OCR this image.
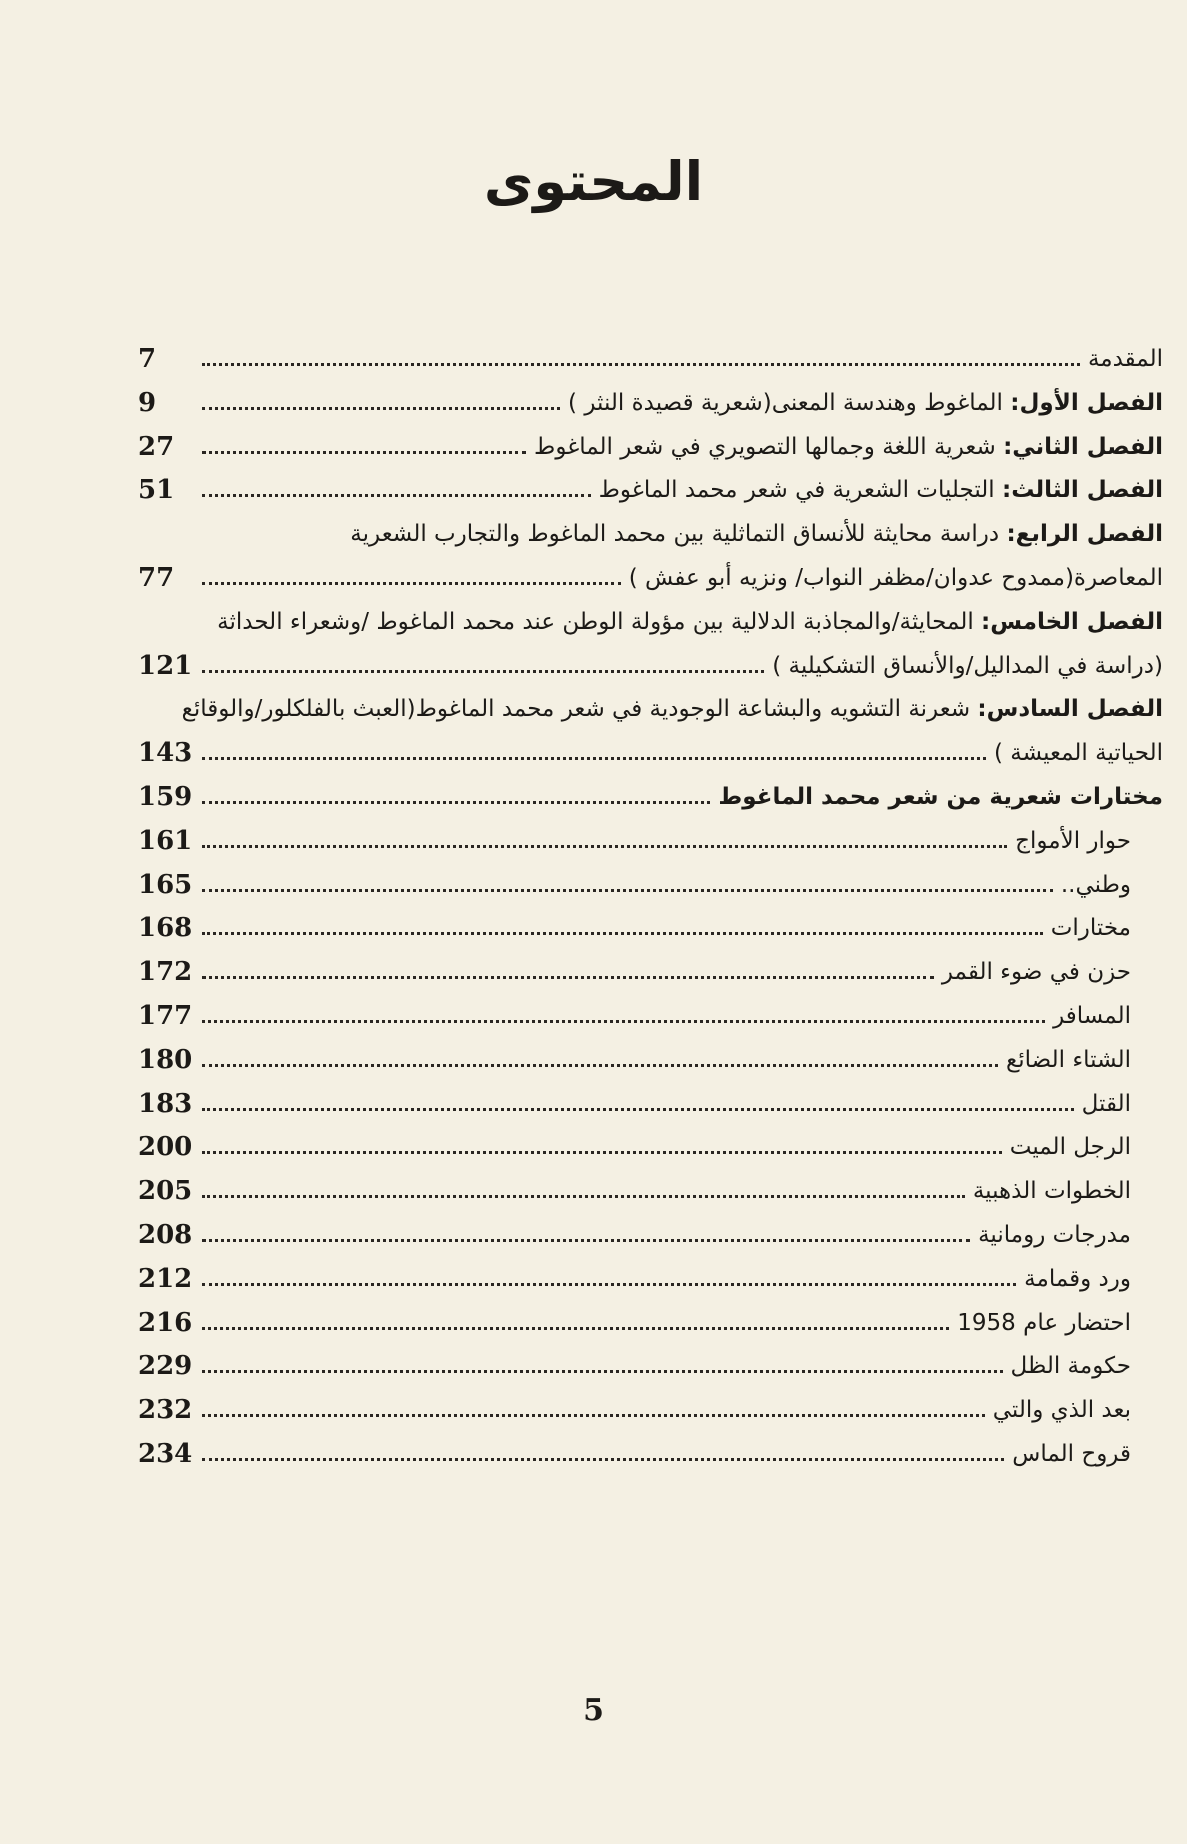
المحتوى
المقدمة
7
الفصل الأول: الماغوط وهندسة المعنى(شعرية قصيدة النثر )
9
الفصل الثاني: شعرية اللغة وجمالها التصويري في شعر الماغوط
27
الفصل الثالث: التجليات الشعرية في شعر محمد الماغوط
51
الفصل الرابع: دراسة محايثة للأنساق التماثلية بين محمد الماغوط والتجارب الشعرية
المعاصرة(ممدوح عدوان/مظفر النواب/ ونزيه أبو عفش )
77
الفصل الخامس: المحايثة/والمجاذبة الدلالية بين مؤولة الوطن عند محمد الماغوط /وشعراء الحداثة
(دراسة في المداليل/والأنساق التشكيلية )
121
الفصل السادس: شعرنة التشويه والبشاعة الوجودية في شعر محمد الماغوط(العبث بالفلكلور/والوقائع
الحياتية المعيشة )
143
مختارات شعرية من شعر محمد الماغوط
159
حوار الأمواج
161
وطني..
165
مختارات
168
حزن في ضوء القمر
172
المسافر
177
الشتاء الضائع
180
القتل
183
الرجل الميت
200
الخطوات الذهبية
205
مدرجات رومانية
208
ورد وقمامة
212
احتضار عام 1958
216
حكومة الظل
229
بعد الذي والتي
232
قروح الماس
234
5
